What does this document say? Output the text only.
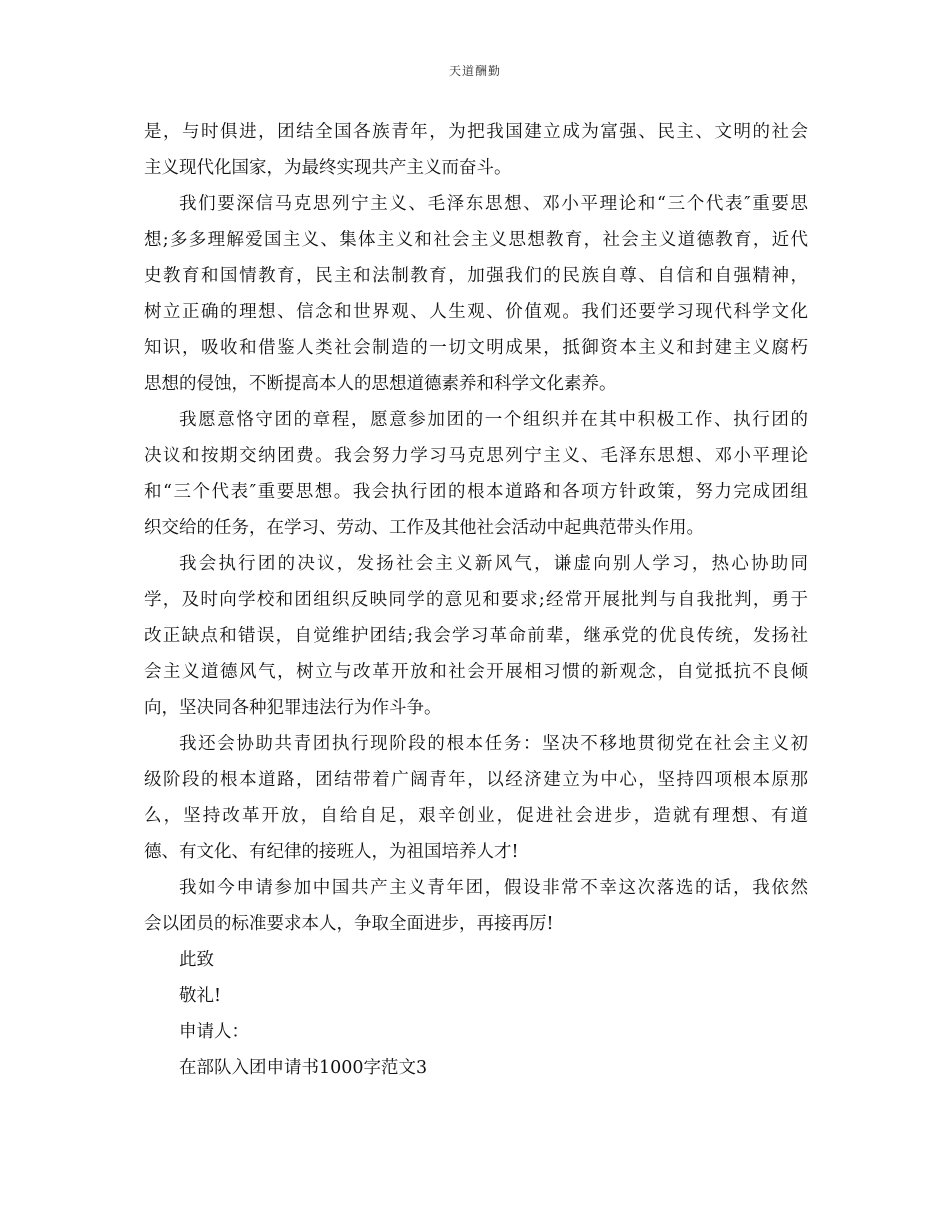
天道酬勤
是，与时俱进，团结全国各族青年，为把我国建立成为富强、民主、文明的社会
主义现代化国家，为最终实现共产主义而奋斗。
我们要深信马克思列宁主义、毛泽东思想、邓小平理论和“三个代表″重要思
想;多多理解爱国主义、集体主义和社会主义思想教育，社会主义道德教育，近代
史教育和国情教育，民主和法制教育，加强我们的民族自尊、自信和自强精神，
树立正确的理想、信念和世界观、人生观、价值观。我们还要学习现代科学文化
知识，吸收和借鉴人类社会制造的一切文明成果，抵御资本主义和封建主义腐朽
思想的侵蚀，不断提高本人的思想道德素养和科学文化素养。
我愿意恪守团的章程，愿意参加团的一个组织并在其中积极工作、执行团的
决议和按期交纳团费。我会努力学习马克思列宁主义、毛泽东思想、邓小平理论
和“三个代表″重要思想。我会执行团的根本道路和各项方针政策，努力完成团组
织交给的任务，在学习、劳动、工作及其他社会活动中起典范带头作用。
我会执行团的决议，发扬社会主义新风气，谦虚向别人学习，热心协助同
学，及时向学校和团组织反映同学的意见和要求;经常开展批判与自我批判，勇于
改正缺点和错误，自觉维护团结;我会学习革命前辈，继承党的优良传统，发扬社
会主义道德风气，树立与改革开放和社会开展相习惯的新观念，自觉抵抗不良倾
向，坚决同各种犯罪违法行为作斗争。
我还会协助共青团执行现阶段的根本任务：坚决不移地贯彻党在社会主义初
级阶段的根本道路，团结带着广阔青年，以经济建立为中心，坚持四项根本原那
么，坚持改革开放，自给自足，艰辛创业，促进社会进步，造就有理想、有道
德、有文化、有纪律的接班人，为祖国培养人才!
我如今申请参加中国共产主义青年团，假设非常不幸这次落选的话，我依然
会以团员的标准要求本人，争取全面进步，再接再厉!
此致
敬礼!
申请人：
在部队入团申请书1000字范文3
